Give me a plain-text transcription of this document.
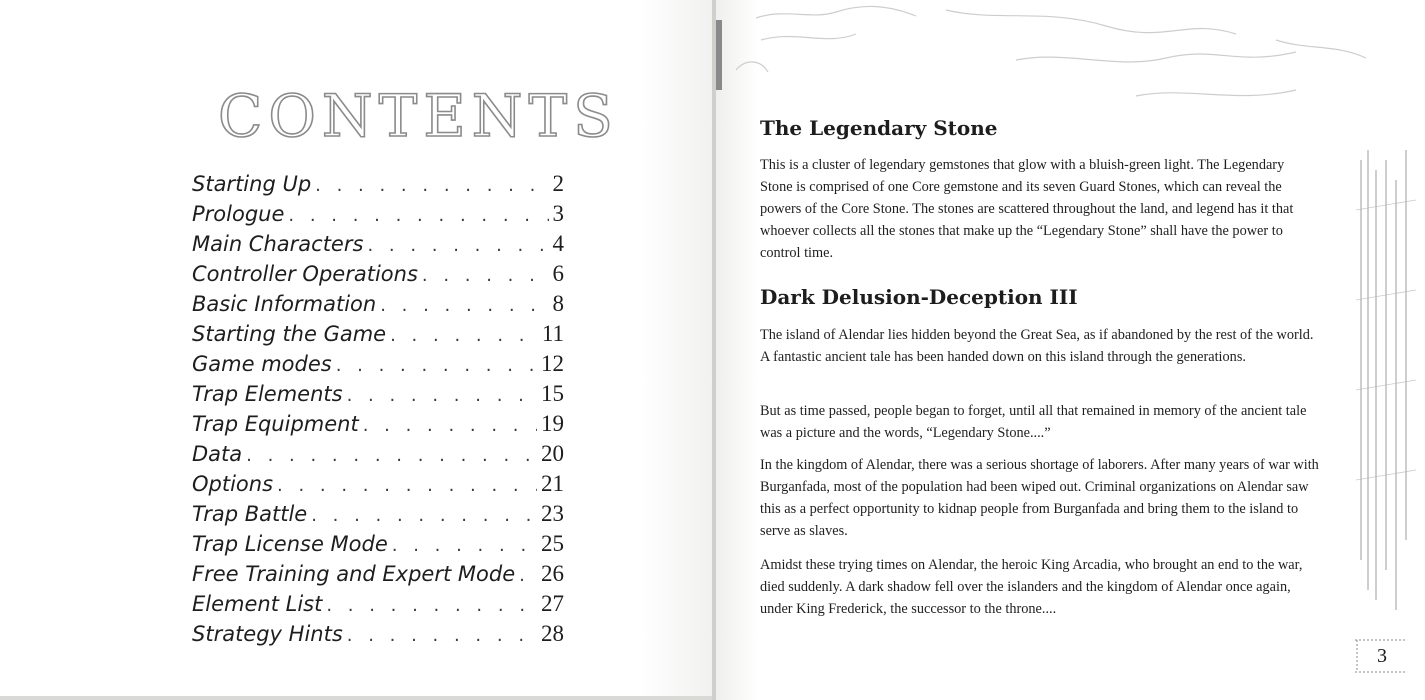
CONTENTS
Starting Up . . .	2
Prologue . . .	3
Main Characters . . .	4
Controller Operations . . .	6
Basic Information . . .	8
Starting the Game . . .	11
Game modes . . .	12
Trap Elements . . .	15
Trap Equipment . . .	19
Data . . .	20
Options . . .	21
Trap Battle . . .	23
Trap License Mode . . .	25
Free Training and Expert Mode . . . 26
Element List . . .	27
Strategy Hints . . .	28
The Legendary Stone

This is a cluster of legendary gemstones that glow with a bluish-green light. The Legendary Stone is comprised of one Core gemstone and its seven Guard Stones, which can reveal the powers of the Core Stone. The stones are scattered throughout the land, and legend has it that whoever collects all the stones that make up the “Legendary Stone” shall have the power to control time.

Dark Delusion-Deception III

The island of Alendar lies hidden beyond the Great Sea, as if abandoned by the rest of the world. A fantastic ancient tale has been handed down on this island through the generations.

But as time passed, people began to forget, until all that remained in memory of the ancient tale was a picture and the words, “Legendary Stone....”

In the kingdom of Alendar, there was a serious shortage of laborers. After many years of war with Burganfada, most of the population had been wiped out. Criminal organizations on Alendar saw this as a perfect opportunity to kidnap people from Burganfada and bring them to the island to serve as slaves.

Amidst these trying times on Alendar, the heroic King Arcadia, who brought an end to the war, died suddenly. A dark shadow fell over the islanders and the kingdom of Alendar once again, under King Frederick, the successor to the throne....

3
